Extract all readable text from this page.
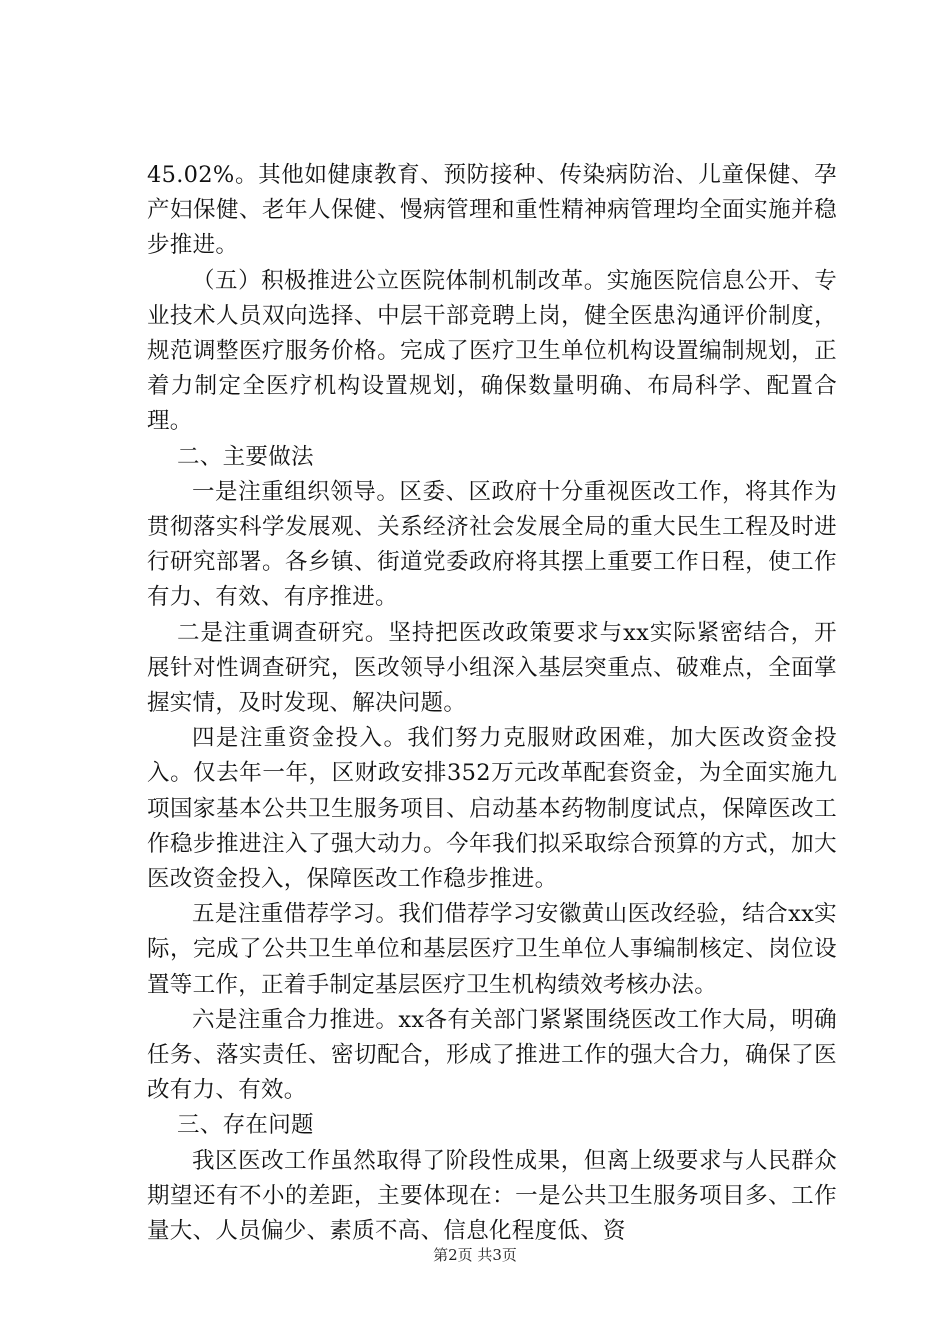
45.02%。其他如健康教育、预防接种、传染病防治、儿童保健、孕产妇保健、老年人保健、慢病管理和重性精神病管理均全面实施并稳步推进。

（五）积极推进公立医院体制机制改革。实施医院信息公开、专业技术人员双向选择、中层干部竞聘上岗，健全医患沟通评价制度，规范调整医疗服务价格。完成了医疗卫生单位机构设置编制规划，正着力制定全医疗机构设置规划，确保数量明确、布局科学、配置合理。

二、主要做法

一是注重组织领导。区委、区政府十分重视医改工作，将其作为贯彻落实科学发展观、关系经济社会发展全局的重大民生工程及时进行研究部署。各乡镇、街道党委政府将其摆上重要工作日程，使工作有力、有效、有序推进。

二是注重调查研究。坚持把医改政策要求与xx实际紧密结合，开展针对性调查研究，医改领导小组深入基层突重点、破难点，全面掌握实情，及时发现、解决问题。

四是注重资金投入。我们努力克服财政困难，加大医改资金投入。仅去年一年，区财政安排352万元改革配套资金，为全面实施九项国家基本公共卫生服务项目、启动基本药物制度试点，保障医改工作稳步推进注入了强大动力。今年我们拟采取综合预算的方式，加大医改资金投入，保障医改工作稳步推进。

五是注重借荐学习。我们借荐学习安徽黄山医改经验，结合xx实际，完成了公共卫生单位和基层医疗卫生单位人事编制核定、岗位设置等工作，正着手制定基层医疗卫生机构绩效考核办法。

六是注重合力推进。xx各有关部门紧紧围绕医改工作大局，明确任务、落实责任、密切配合，形成了推进工作的强大合力，确保了医改有力、有效。

三、存在问题

我区医改工作虽然取得了阶段性成果，但离上级要求与人民群众期望还有不小的差距，主要体现在：一是公共卫生服务项目多、工作量大、人员偏少、素质不高、信息化程度低、资

第2页 共3页
